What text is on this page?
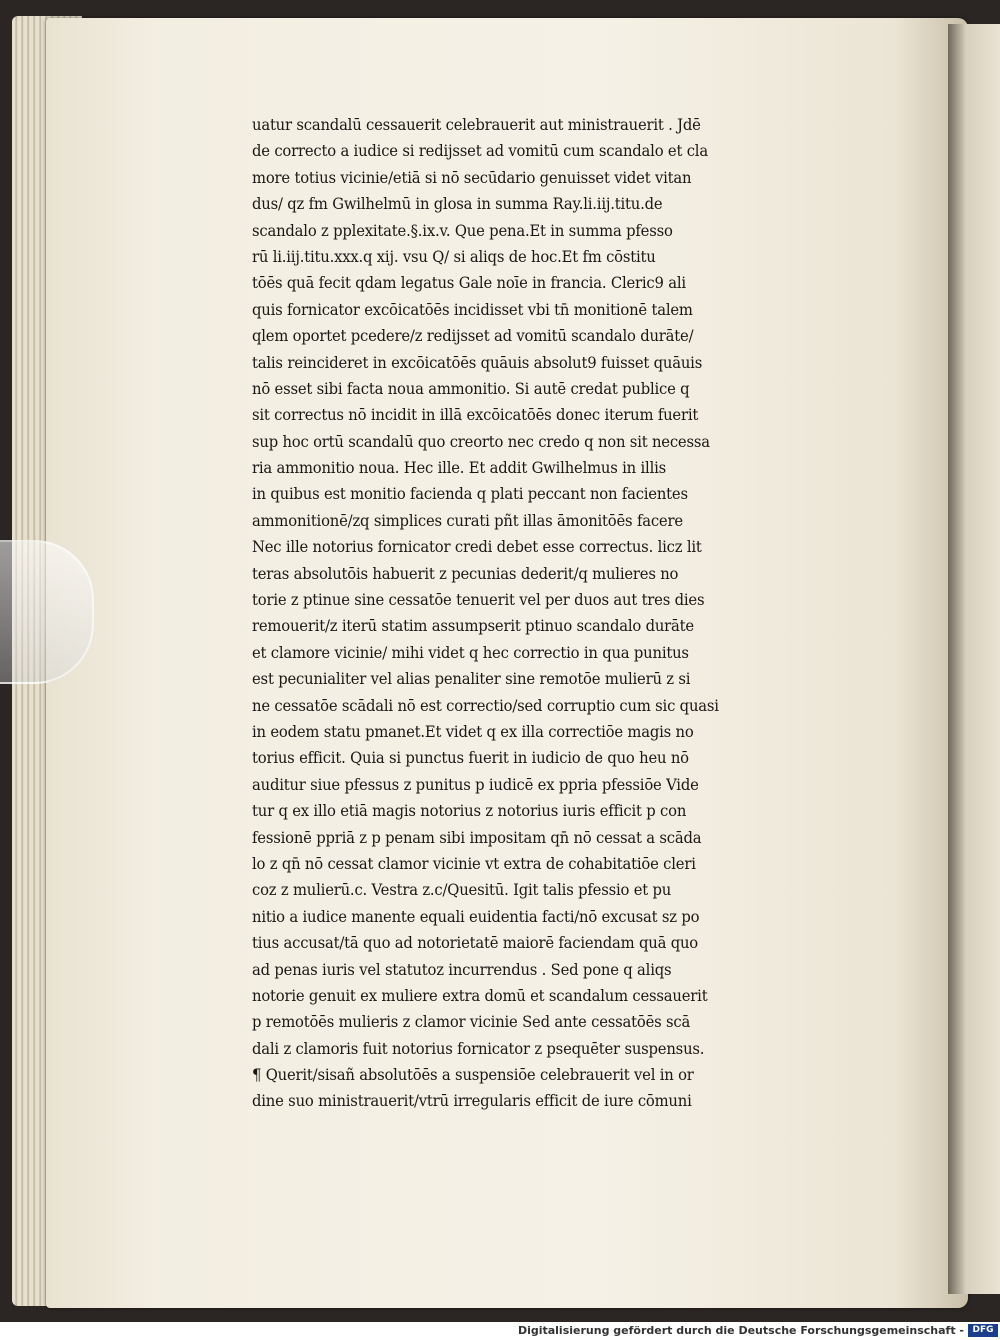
uatur scandalū cessauerit celebrauerit aut ministrauerit . Jdē
de correcto a iudice si redijsset ad vomitū cum scandalo et cla
more totius vicinie/etiā si nō secūdario genuisset videt vitan
dus/ qz fm Gwilhelmū in glosa in summa Ray.li.iij.titu.de
scandalo z pplexitate.§.ix.v. Que pena.Et in summa pfesso
rū li.iij.titu.xxx.q xij. vsu Q/ si aliqs de hoc.Et fm cōstitu
tōēs quā fecit qdam legatus Gale noīe in francia. Cleric9 ali
quis fornicator excōicatōēs incidisset vbi tn̄ monitionē talem
qlem oportet pcedere/z redijsset ad vomitū scandalo durāte/
talis reincideret in excōicatōēs quāuis absolut9 fuisset quāuis
nō esset sibi facta noua ammonitio. Si autē credat publice q
sit correctus nō incidit in illā excōicatōēs donec iterum fuerit
sup hoc ortū scandalū quo creorto nec credo q non sit necessa
ria ammonitio noua. Hec ille. Et addit Gwilhelmus in illis
in quibus est monitio facienda q plati peccant non facientes
ammonitionē/zq simplices curati pñt illas āmonitōēs facere
Nec ille notorius fornicator credi debet esse correctus. licz lit
teras absolutōis habuerit z pecunias dederit/q mulieres no
torie z ptinue sine cessatōe tenuerit vel per duos aut tres dies
remouerit/z iterū statim assumpserit ptinuo scandalo durāte
et clamore vicinie/ mihi videt q hec correctio in qua punitus
est pecunialiter vel alias penaliter sine remotōe mulierū z si
ne cessatōe scādali nō est correctio/sed corruptio cum sic quasi
in eodem statu pmanet.Et videt q ex illa correctiōe magis no
torius efficit. Quia si punctus fuerit in iudicio de quo heu nō
auditur siue pfessus z punitus p iudicē ex ppria pfessiōe Vide
tur q ex illo etiā magis notorius z notorius iuris efficit p con
fessionē ppriā z p penam sibi impositam qn̄ nō cessat a scāda
lo z qn̄ nō cessat clamor vicinie vt extra de cohabitatiōe cleri
coz z mulierū.c. Vestra z.c/Quesitū. Igit talis pfessio et pu
nitio a iudice manente equali euidentia facti/nō excusat sz po
tius accusat/tā quo ad notorietatē maiorē faciendam quā quo
ad penas iuris vel statutoz incurrendus . Sed pone q aliqs
notorie genuit ex muliere extra domū et scandalum cessauerit
p remotōēs mulieris z clamor vicinie Sed ante cessatōēs scā
dali z clamoris fuit notorius fornicator z psequēter suspensus.
¶ Querit/sisañ absolutōēs a suspensiōe celebrauerit vel in or
dine suo ministrauerit/vtrū irregularis efficit de iure cōmuni
Digitalisierung gefördert durch die Deutsche Forschungsgemeinschaft - DFG
